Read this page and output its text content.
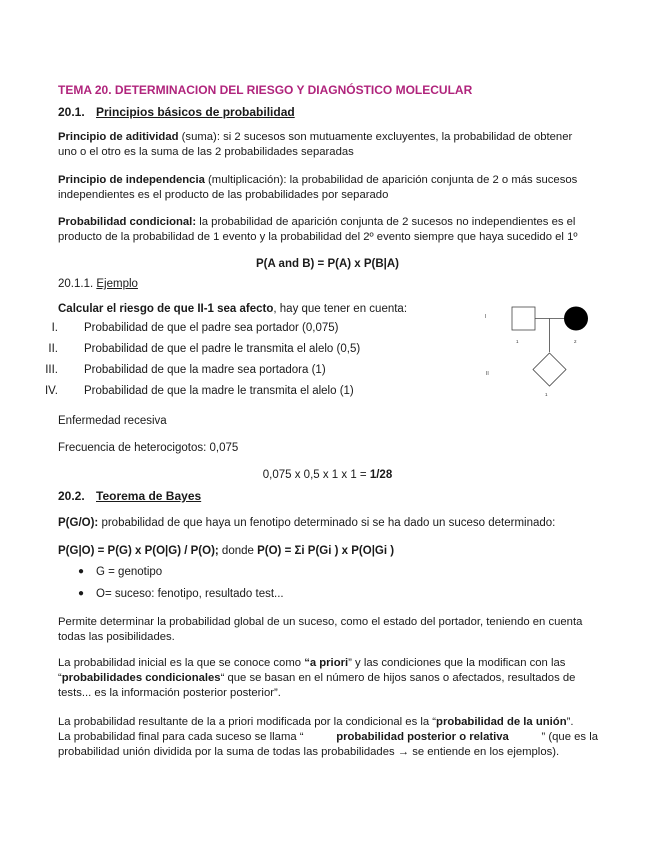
TEMA 20. DETERMINACION DEL RIESGO Y DIAGNÓSTICO MOLECULAR
20.1. Principios básicos de probabilidad
Principio de aditividad (suma): si 2 sucesos son mutuamente excluyentes, la probabilidad de obtener
uno o el otro es la suma de las 2 probabilidades separadas
Principio de independencia (multiplicación): la probabilidad de aparición conjunta de 2 o más sucesos
independientes es el producto de las probabilidades por separado
Probabilidad condicional: la probabilidad de aparición conjunta de 2 sucesos no independientes es el
producto de la probabilidad de 1 evento y la probabilidad del 2º evento siempre que haya sucedido el 1º
P(A and B) = P(A) x P(B|A)
20.1.1. Ejemplo
Calcular el riesgo de que II-1 sea afecto, hay que tener en cuenta:
I. Probabilidad de que el padre sea portador (0,075)
II. Probabilidad de que el padre le transmita el alelo (0,5)
III. Probabilidad de que la madre sea portadora (1)
IV. Probabilidad de que la madre le transmita el alelo (1)
I
1	2
II
1
Enfermedad recesiva
Frecuencia de heterocigotos: 0,075
0,075 x 0,5 x 1 x 1 = 1/28
20.2. Teorema de Bayes
P(G/O): probabilidad de que haya un fenotipo determinado si se ha dado un suceso determinado:
P(G|O) = P(G) x P(O|G) / P(O); donde P(O) = Σi P(Gi ) x P(O|Gi )
● G = genotipo
● O= suceso: fenotipo, resultado test...
Permite determinar la probabilidad global de un suceso, como el estado del portador, teniendo en cuenta
todas las posibilidades.
La probabilidad inicial es la que se conoce como “a priori” y las condiciones que la modifican con las
“probabilidades condicionales“ que se basan en el número de hijos sanos o afectados, resultados de
tests... es la información posterior posterior”.
La probabilidad resultante de la a priori modificada por la condicional es la “probabilidad de la unión”.
La probabilidad final para cada suceso se llama “	probabilidad posterior o relativa	” (que es la
probabilidad unión dividida por la suma de todas las probabilidades → se entiende en los ejemplos).
